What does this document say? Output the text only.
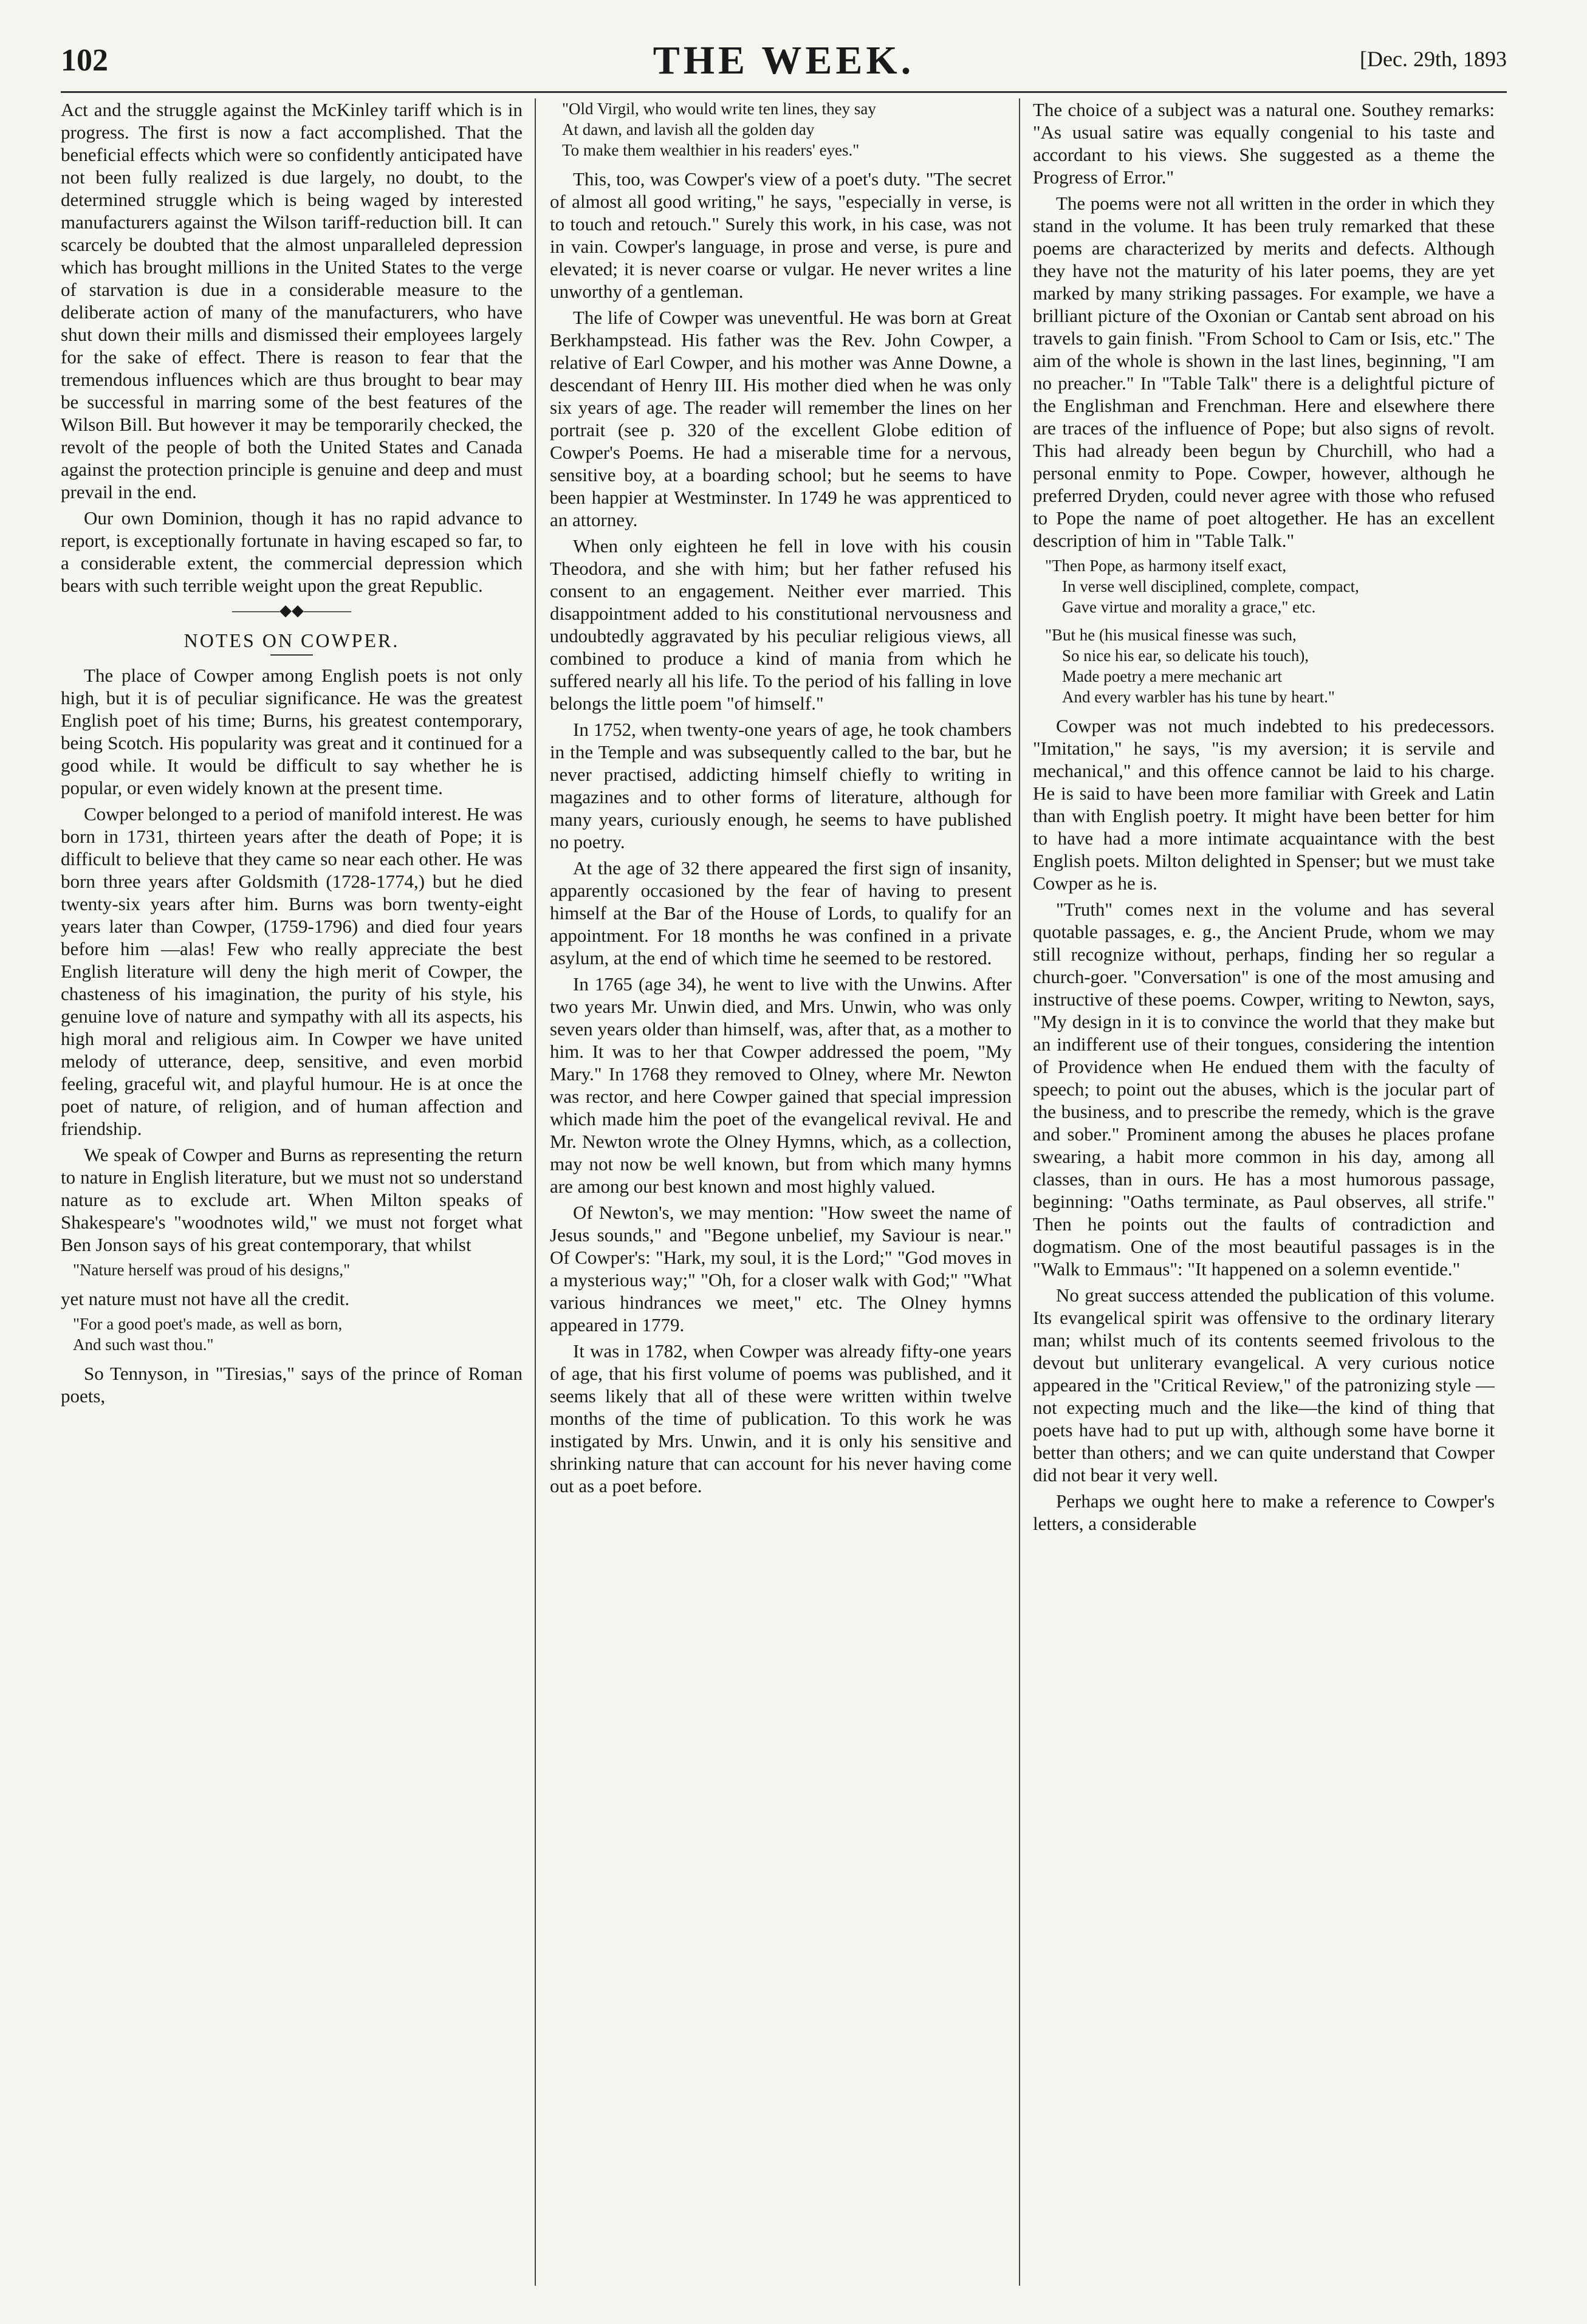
102	THE WEEK.	[Dec. 29th, 1893

Act and the struggle against the McKinley tariff which is in progress. The first is now a fact accomplished. That the beneficial effects which were so confidently anticipated have not been fully realized is due largely, no doubt, to the determined struggle which is being waged by interested manufacturers against the Wilson tariff-reduction bill. It can scarcely be doubted that the almost unparalleled depression which has brought millions in the United States to the verge of starvation is due in a considerable measure to the deliberate action of many of the manufacturers, who have shut down their mills and dismissed their employees largely for the sake of effect. There is reason to fear that the tremendous influences which are thus brought to bear may be successful in marring some of the best features of the Wilson Bill. But however it may be temporarily checked, the revolt of the people of both the United States and Canada against the protection principle is genuine and deep and must prevail in the end.

Our own Dominion, though it has no rapid advance to report, is exceptionally fortunate in having escaped so far, to a considerable extent, the commercial depression which bears with such terrible weight upon the great Republic.

———◆◆———
NOTES ON COWPER.

The place of Cowper among English poets is not only high, but it is of peculiar significance. He was the greatest English poet of his time; Burns, his greatest contemporary, being Scotch. His popularity was great and it continued for a good while. It would be difficult to say whether he is popular, or even widely known at the present time.

Cowper belonged to a period of manifold interest. He was born in 1731, thirteen years after the death of Pope; it is difficult to believe that they came so near each other. He was born three years after Goldsmith (1728-1774,) but he died twenty-six years after him. Burns was born twenty-eight years later than Cowper, (1759-1796) and died four years before him —alas! Few who really appreciate the best English literature will deny the high merit of Cowper, the chasteness of his imagination, the purity of his style, his genuine love of nature and sympathy with all its aspects, his high moral and religious aim. In Cowper we have united melody of utterance, deep, sensitive, and even morbid feeling, graceful wit, and playful humour. He is at once the poet of nature, of religion, and of human affection and friendship.

We speak of Cowper and Burns as representing the return to nature in English literature, but we must not so understand nature as to exclude art. When Milton speaks of Shakespeare's "woodnotes wild," we must not forget what Ben Jonson says of his great contemporary, that whilst

"Nature herself was proud of his designs,"

yet nature must not have all the credit.

"For a good poet's made, as well as born,
And such wast thou."

So Tennyson, in "Tiresias," says of the prince of Roman poets,

"Old Virgil, who would write ten lines, they say
At dawn, and lavish all the golden day
To make them wealthier in his readers' eyes."

This, too, was Cowper's view of a poet's duty. "The secret of almost all good writing," he says, "especially in verse, is to touch and retouch." Surely this work, in his case, was not in vain. Cowper's language, in prose and verse, is pure and elevated; it is never coarse or vulgar. He never writes a line unworthy of a gentleman.

The life of Cowper was uneventful. He was born at Great Berkhampstead. His father was the Rev. John Cowper, a relative of Earl Cowper, and his mother was Anne Downe, a descendant of Henry III. His mother died when he was only six years of age. The reader will remember the lines on her portrait (see p. 320 of the excellent Globe edition of Cowper's Poems. He had a miserable time for a nervous, sensitive boy, at a boarding school; but he seems to have been happier at Westminster. In 1749 he was apprenticed to an attorney.

When only eighteen he fell in love with his cousin Theodora, and she with him; but her father refused his consent to an engagement. Neither ever married. This disappointment added to his constitutional nervousness and undoubtedly aggravated by his peculiar religious views, all combined to produce a kind of mania from which he suffered nearly all his life. To the period of his falling in love belongs the little poem "of himself."

In 1752, when twenty-one years of age, he took chambers in the Temple and was subsequently called to the bar, but he never practised, addicting himself chiefly to writing in magazines and to other forms of literature, although for many years, curiously enough, he seems to have published no poetry.

At the age of 32 there appeared the first sign of insanity, apparently occasioned by the fear of having to present himself at the Bar of the House of Lords, to qualify for an appointment. For 18 months he was confined in a private asylum, at the end of which time he seemed to be restored.

In 1765 (age 34), he went to live with the Unwins. After two years Mr. Unwin died, and Mrs. Unwin, who was only seven years older than himself, was, after that, as a mother to him. It was to her that Cowper addressed the poem, "My Mary." In 1768 they removed to Olney, where Mr. Newton was rector, and here Cowper gained that special impression which made him the poet of the evangelical revival. He and Mr. Newton wrote the Olney Hymns, which, as a collection, may not now be well known, but from which many hymns are among our best known and most highly valued.

Of Newton's, we may mention: "How sweet the name of Jesus sounds," and "Begone unbelief, my Saviour is near." Of Cowper's: "Hark, my soul, it is the Lord;" "God moves in a mysterious way;" "Oh, for a closer walk with God;" "What various hindrances we meet," etc. The Olney hymns appeared in 1779.

It was in 1782, when Cowper was already fifty-one years of age, that his first volume of poems was published, and it seems likely that all of these were written within twelve months of the time of publication. To this work he was instigated by Mrs. Unwin, and it is only his sensitive and shrinking nature that can account for his never having come out as a poet before.

The choice of a subject was a natural one. Southey remarks: "As usual satire was equally congenial to his taste and accordant to his views. She suggested as a theme the Progress of Error."

The poems were not all written in the order in which they stand in the volume. It has been truly remarked that these poems are characterized by merits and defects. Although they have not the maturity of his later poems, they are yet marked by many striking passages. For example, we have a brilliant picture of the Oxonian or Cantab sent abroad on his travels to gain finish. "From School to Cam or Isis, etc." The aim of the whole is shown in the last lines, beginning, "I am no preacher." In "Table Talk" there is a delightful picture of the Englishman and Frenchman. Here and elsewhere there are traces of the influence of Pope; but also signs of revolt. This had already been begun by Churchill, who had a personal enmity to Pope. Cowper, however, although he preferred Dryden, could never agree with those who refused to Pope the name of poet altogether. He has an excellent description of him in "Table Talk."

"Then Pope, as harmony itself exact,
In verse well disciplined, complete, compact,
Gave virtue and morality a grace," etc.
"But he (his musical finesse was such,
So nice his ear, so delicate his touch),
Made poetry a mere mechanic art
And every warbler has his tune by heart."

Cowper was not much indebted to his predecessors. "Imitation," he says, "is my aversion; it is servile and mechanical," and this offence cannot be laid to his charge. He is said to have been more familiar with Greek and Latin than with English poetry. It might have been better for him to have had a more intimate acquaintance with the best English poets. Milton delighted in Spenser; but we must take Cowper as he is.

"Truth" comes next in the volume and has several quotable passages, e. g., the Ancient Prude, whom we may still recognize without, perhaps, finding her so regular a church-goer. "Conversation" is one of the most amusing and instructive of these poems. Cowper, writing to Newton, says, "My design in it is to convince the world that they make but an indifferent use of their tongues, considering the intention of Providence when He endued them with the faculty of speech; to point out the abuses, which is the jocular part of the business, and to prescribe the remedy, which is the grave and sober." Prominent among the abuses he places profane swearing, a habit more common in his day, among all classes, than in ours. He has a most humorous passage, beginning: "Oaths terminate, as Paul observes, all strife." Then he points out the faults of contradiction and dogmatism. One of the most beautiful passages is in the "Walk to Emmaus": "It happened on a solemn eventide."

No great success attended the publication of this volume. Its evangelical spirit was offensive to the ordinary literary man; whilst much of its contents seemed frivolous to the devout but unliterary evangelical. A very curious notice appeared in the "Critical Review," of the patronizing style —not expecting much and the like—the kind of thing that poets have had to put up with, although some have borne it better than others; and we can quite understand that Cowper did not bear it very well.

Perhaps we ought here to make a reference to Cowper's letters, a considerable
